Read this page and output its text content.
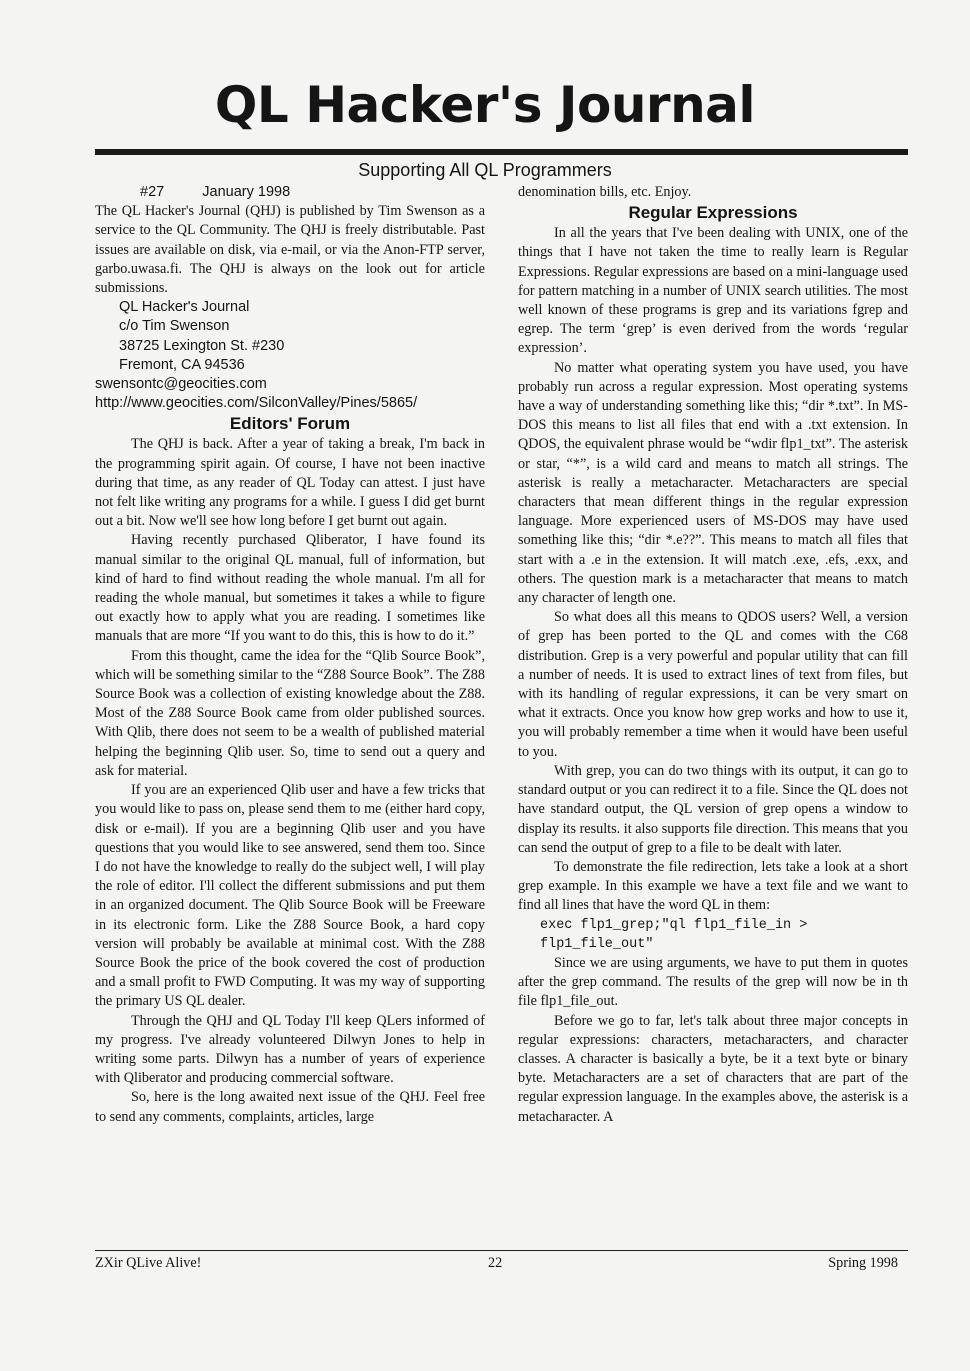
QL Hacker's Journal
Supporting All QL Programmers

#27	January 1998

The QL Hacker's Journal (QHJ) is published by Tim Swenson as a service to the QL Community. The QHJ is freely distributable. Past issues are available on disk, via e-mail, or via the Anon-FTP server, garbo.uwasa.fi. The QHJ is always on the look out for article submissions.

QL Hacker's Journal

c/o Tim Swenson

38725 Lexington St. #230

Fremont, CA 94536

swensontc@geocities.com

http://www.geocities.com/SilconValley/Pines/5865/

Editors' Forum

The QHJ is back. After a year of taking a break, I'm back in the programming spirit again. Of course, I have not been inactive during that time, as any reader of QL Today can attest. I just have not felt like writing any programs for a while. I guess I did get burnt out a bit. Now we'll see how long before I get burnt out again.

Having recently purchased Qliberator, I have found its manual similar to the original QL manual, full of information, but kind of hard to find without reading the whole manual. I'm all for reading the whole manual, but sometimes it takes a while to figure out exactly how to apply what you are reading. I sometimes like manuals that are more “If you want to do this, this is how to do it.”

From this thought, came the idea for the “Qlib Source Book”, which will be something similar to the “Z88 Source Book”. The Z88 Source Book was a collection of existing knowledge about the Z88. Most of the Z88 Source Book came from older published sources. With Qlib, there does not seem to be a wealth of published material helping the beginning Qlib user. So, time to send out a query and ask for material.

If you are an experienced Qlib user and have a few tricks that you would like to pass on, please send them to me (either hard copy, disk or e-mail). If you are a beginning Qlib user and you have questions that you would like to see answered, send them too. Since I do not have the knowledge to really do the subject well, I will play the role of editor. I'll collect the different submissions and put them in an organized document. The Qlib Source Book will be Freeware in its electronic form. Like the Z88 Source Book, a hard copy version will probably be available at minimal cost. With the Z88 Source Book the price of the book covered the cost of production and a small profit to FWD Computing. It was my way of supporting the primary US QL dealer.

Through the QHJ and QL Today I'll keep QLers informed of my progress. I've already volunteered Dilwyn Jones to help in writing some parts. Dilwyn has a number of years of experience with Qliberator and producing commercial software.

So, here is the long awaited next issue of the QHJ. Feel free to send any comments, complaints, articles, large

denomination bills, etc. Enjoy.

Regular Expressions

In all the years that I've been dealing with UNIX, one of the things that I have not taken the time to really learn is Regular Expressions. Regular expressions are based on a mini-language used for pattern matching in a number of UNIX search utilities. The most well known of these programs is grep and its variations fgrep and egrep. The term ‘grep’ is even derived from the words ‘regular expression’.

No matter what operating system you have used, you have probably run across a regular expression. Most operating systems have a way of understanding something like this; “dir *.txt”. In MS-DOS this means to list all files that end with a .txt extension. In QDOS, the equivalent phrase would be “wdir flp1_txt”. The asterisk or star, “*”, is a wild card and means to match all strings. The asterisk is really a metacharacter. Metacharacters are special characters that mean different things in the regular expression language. More experienced users of MS-DOS may have used something like this; “dir *.e??”. This means to match all files that start with a .e in the extension. It will match .exe, .efs, .exx, and others. The question mark is a metacharacter that means to match any character of length one.

So what does all this means to QDOS users? Well, a version of grep has been ported to the QL and comes with the C68 distribution. Grep is a very powerful and popular utility that can fill a number of needs. It is used to extract lines of text from files, but with its handling of regular expressions, it can be very smart on what it extracts. Once you know how grep works and how to use it, you will probably remember a time when it would have been useful to you.

With grep, you can do two things with its output, it can go to standard output or you can redirect it to a file. Since the QL does not have standard output, the QL version of grep opens a window to display its results. it also supports file direction. This means that you can send the output of grep to a file to be dealt with later.

To demonstrate the file redirection, lets take a look at a short grep example. In this example we have a text file and we want to find all lines that have the word QL in them:

exec flp1_grep;"ql flp1_file_in >
flp1_file_out"

Since we are using arguments, we have to put them in quotes after the grep command. The results of the grep will now be in th file flp1_file_out.

Before we go to far, let's talk about three major concepts in regular expressions: characters, metacharacters, and character classes. A character is basically a byte, be it a text byte or binary byte. Metacharacters are a set of characters that are part of the regular expression language. In the examples above, the asterisk is a metacharacter. A

ZXir QLive Alive!	22	Spring 1998
